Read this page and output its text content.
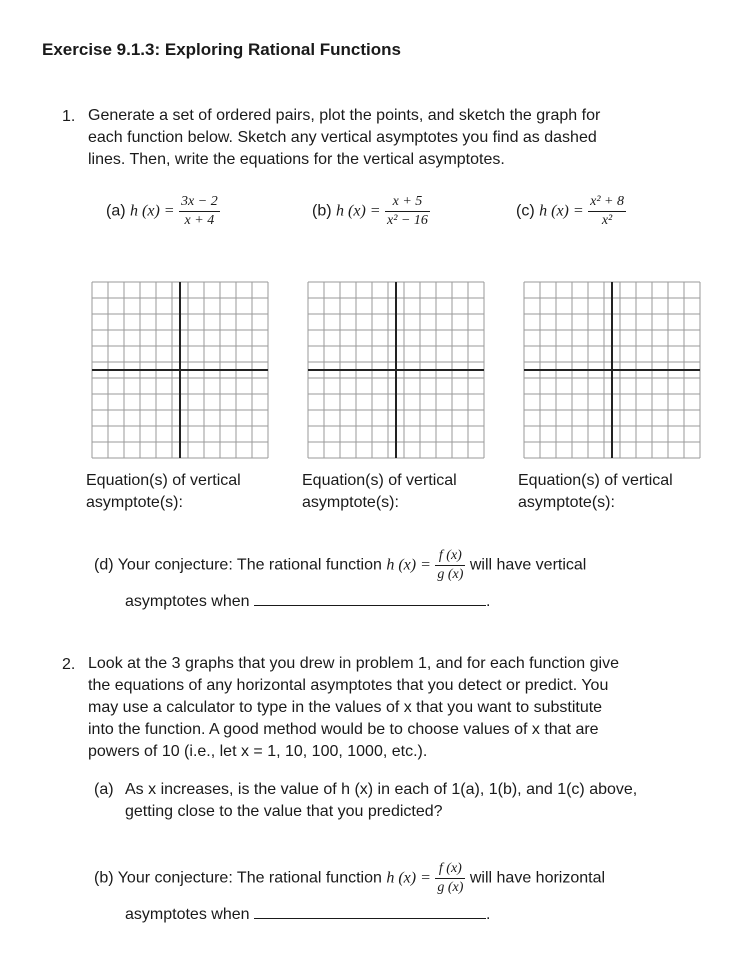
Exercise 9.1.3: Exploring Rational Functions
1. Generate a set of ordered pairs, plot the points, and sketch the graph for
each function below. Sketch any vertical asymptotes you find as dashed
lines. Then, write the equations for the vertical asymptotes.
(a) h $(x) = \frac{3x - 2}{x + 4}$	(b) h $(x) = \frac{x + 5}{\text{x² − 16}}$	(c) h $(x) = \frac{\text{x² + 8}}{\text{x²}}$
Equation(s) of vertical
asymptote(s):
Equation(s) of vertical
asymptote(s):
Equation(s) of vertical
asymptote(s):
(d) Your conjecture: The rational function h $(x) = \frac{f (x)}{g (x)}$ will have vertical
asymptotes when	.
2. Look at the 3 graphs that you drew in problem 1, and for each function give
the equations of any horizontal asymptotes that you detect or predict. You
may use a calculator to type in the values of x that you want to substitute
into the function. A good method would be to choose values of x that are
powers of 10 (i.e., let x = 1, 10, 100, 1000, etc.).
(a) As x increases, is the value of h (x) in each of 1(a), 1(b), and 1(c) above,
getting close to the value that you predicted?
(b) Your conjecture: The rational function h $(x) = \frac{f (x)}{g (x)}$ will have horizontal
asymptotes when	.
